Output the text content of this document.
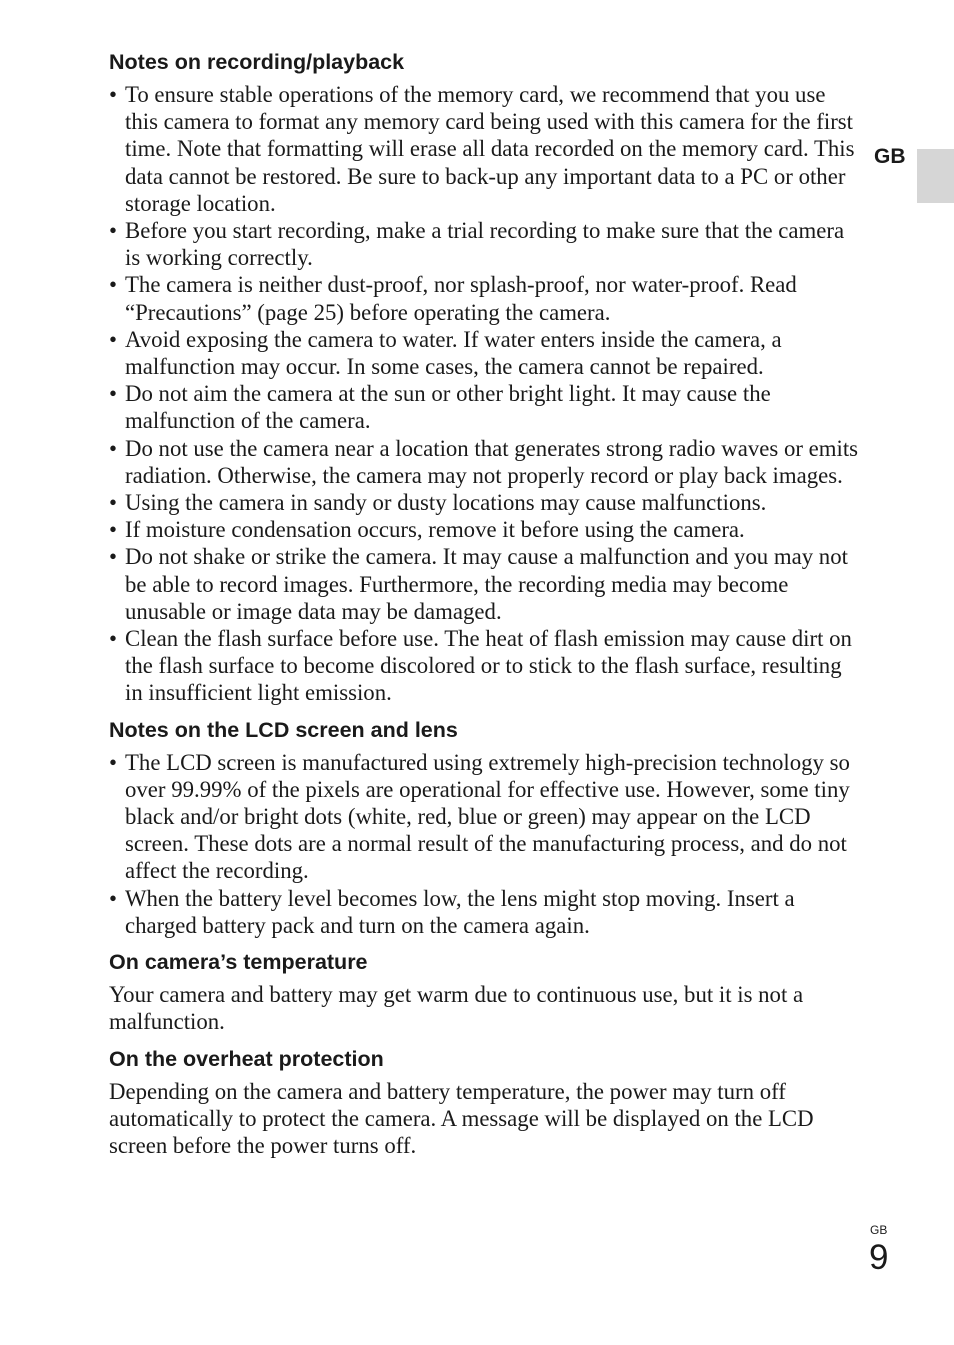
GB
Notes on recording/playback
• To ensure stable operations of the memory card, we recommend that you use this camera to format any memory card being used with this camera for the first time. Note that formatting will erase all data recorded on the memory card. This data cannot be restored. Be sure to back-up any important data to a PC or other storage location.
• Before you start recording, make a trial recording to make sure that the camera is working correctly.
• The camera is neither dust-proof, nor splash-proof, nor water-proof. Read “Precautions” (page 25) before operating the camera.
• Avoid exposing the camera to water. If water enters inside the camera, a malfunction may occur. In some cases, the camera cannot be repaired.
• Do not aim the camera at the sun or other bright light. It may cause the malfunction of the camera.
• Do not use the camera near a location that generates strong radio waves or emits radiation. Otherwise, the camera may not properly record or play back images.
• Using the camera in sandy or dusty locations may cause malfunctions.
• If moisture condensation occurs, remove it before using the camera.
• Do not shake or strike the camera. It may cause a malfunction and you may not be able to record images. Furthermore, the recording media may become unusable or image data may be damaged.
• Clean the flash surface before use. The heat of flash emission may cause dirt on the flash surface to become discolored or to stick to the flash surface, resulting in insufficient light emission.
Notes on the LCD screen and lens
• The LCD screen is manufactured using extremely high-precision technology so over 99.99% of the pixels are operational for effective use. However, some tiny black and/or bright dots (white, red, blue or green) may appear on the LCD screen. These dots are a normal result of the manufacturing process, and do not affect the recording.
• When the battery level becomes low, the lens might stop moving. Insert a charged battery pack and turn on the camera again.
On camera’s temperature

Your camera and battery may get warm due to continuous use, but it is not a malfunction.

On the overheat protection

Depending on the camera and battery temperature, the power may turn off automatically to protect the camera. A message will be displayed on the LCD screen before the power turns off.

GB
9
